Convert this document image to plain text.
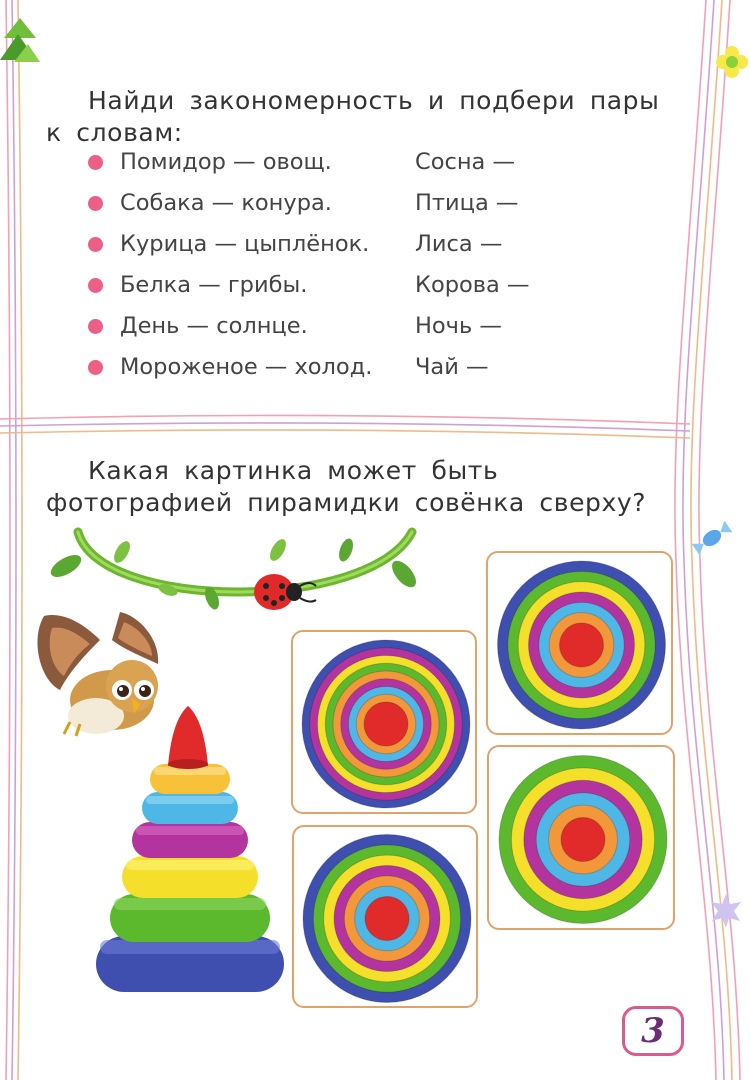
Найди закономерность и подбери пары к словам:
Помидор — овощ.	Сосна —
Собака — конура.	Птица —
Курица — цыплёнок. Лиса —
Белка — грибы.	Корова —
День — солнце.	Ночь —
Мороженое — холод. Чай —
Какая картинка может быть фотографией пирамидки совёнка сверху?
3
